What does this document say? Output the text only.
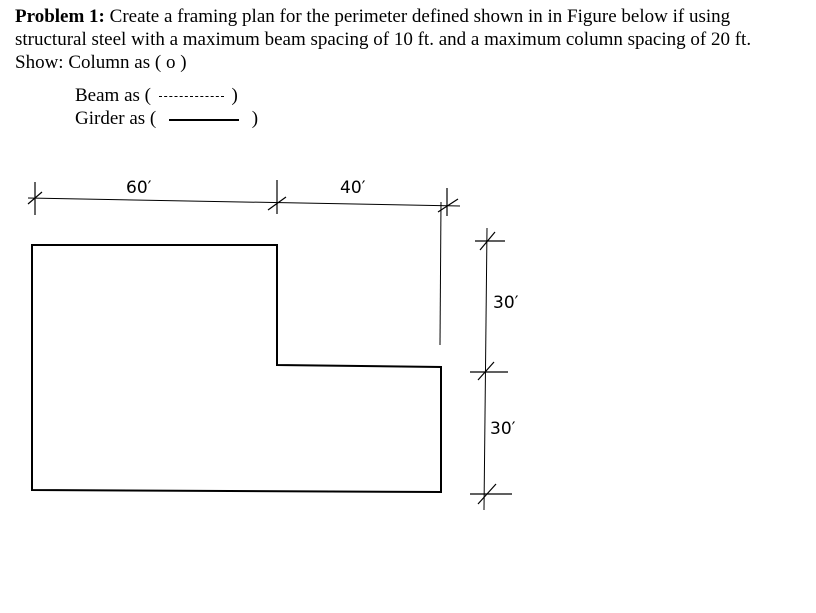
Problem 1: Create a framing plan for the perimeter defined shown in in Figure below if using structural steel with a maximum beam spacing of 10 ft. and a maximum column spacing of 20 ft.

Show: Column as ( o )

Beam as (	)
Girder as (	)
60′	40′
30′
30′
